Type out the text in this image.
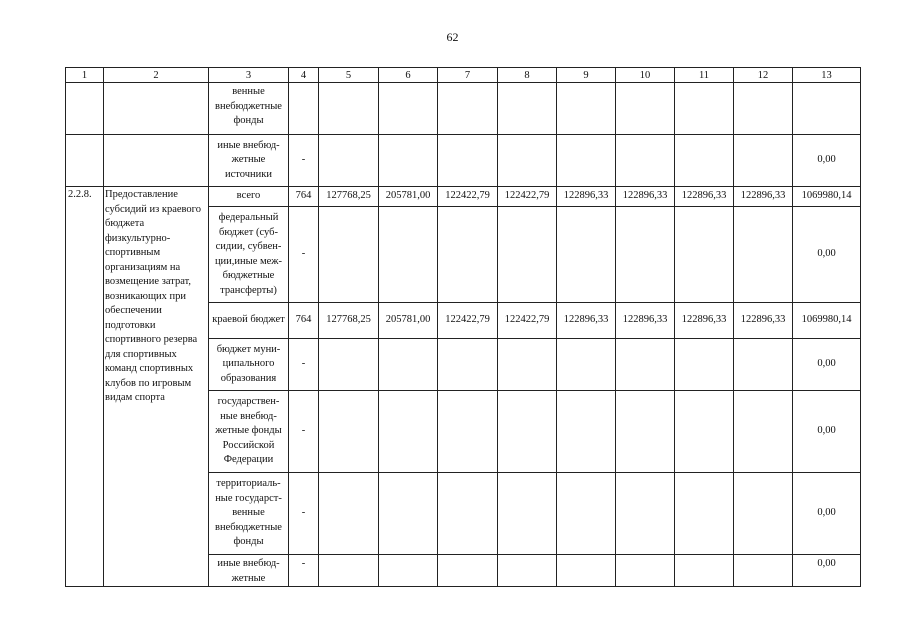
62
1	2	3	4	5	6	7	8	9	10	11	12	13
		венные внебюджетные фонды										
		иные внебюд-жетные источники	-									0,00
2.2.8.	Предоставление субсидий из краевого бюджета физкультурно-спортивным организациям на возмещение затрат, возникающих при обеспечении подготовки спортивного резерва для спортивных команд спортивных клубов по игровым видам спорта	всего	764	127768,25	205781,00	122422,79	122422,79	122896,33	122896,33	122896,33	122896,33	1069980,14
		федеральный бюджет (суб-сидии, субвен-ции,иные меж-бюджетные трансферты)	-									0,00
		краевой бюджет	764	127768,25	205781,00	122422,79	122422,79	122896,33	122896,33	122896,33	122896,33	1069980,14
		бюджет муни-ципального образования	-									0,00
		государствен-ные внебюд-жетные фонды Российской Федерации	-									0,00
		территориаль-ные государст-венные внебюджетные фонды	-									0,00
		иные внебюд-жетные	-									0,00
